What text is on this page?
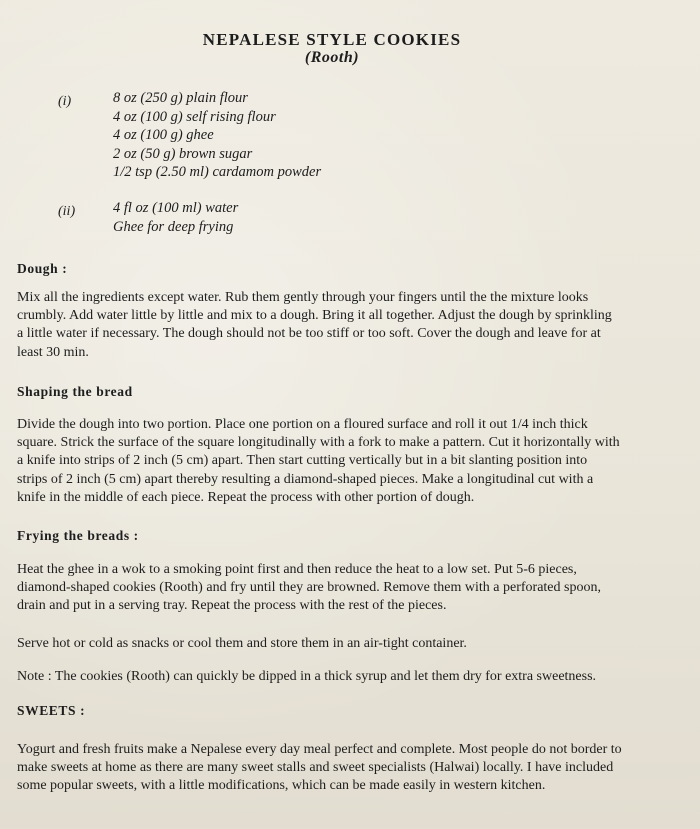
NEPALESE STYLE COOKIES
(Rooth)
(i)	8 oz (250 g) plain flour
4 oz (100 g) self rising flour
4 oz (100 g) ghee
2 oz (50 g) brown sugar
1/2 tsp (2.50 ml) cardamom powder
(ii)	4 fl oz (100 ml) water
Ghee for deep frying
Dough :
Mix all the ingredients except water. Rub them gently through your fingers until the the mixture looks
crumbly. Add water little by little and mix to a dough. Bring it all together. Adjust the dough by sprinkling
a little water if necessary. The dough should not be too stiff or too soft. Cover the dough and leave for at
least 30 min.
Shaping the bread
Divide the dough into two portion. Place one portion on a floured surface and roll it out 1/4 inch thick
square. Strick the surface of the square longitudinally with a fork to make a pattern. Cut it horizontally with
a knife into strips of 2 inch (5 cm) apart. Then start cutting vertically but in a bit slanting position into
strips of 2 inch (5 cm) apart thereby resulting a diamond-shaped pieces. Make a longitudinal cut with a
knife in the middle of each piece. Repeat the process with other portion of dough.
Frying the breads :
Heat the ghee in a wok to a smoking point first and then reduce the heat to a low set. Put 5-6 pieces,
diamond-shaped cookies (Rooth) and fry until they are browned. Remove them with a perforated spoon,
drain and put in a serving tray. Repeat the process with the rest of the pieces.
Serve hot or cold as snacks or cool them and store them in an air-tight container.
Note : The cookies (Rooth) can quickly be dipped in a thick syrup and let them dry for extra sweetness.
SWEETS :
Yogurt and fresh fruits make a Nepalese every day meal perfect and complete. Most people do not border to
make sweets at home as there are many sweet stalls and sweet specialists (Halwai) locally. I have included
some popular sweets, with a little modifications, which can be made easily in western kitchen.
